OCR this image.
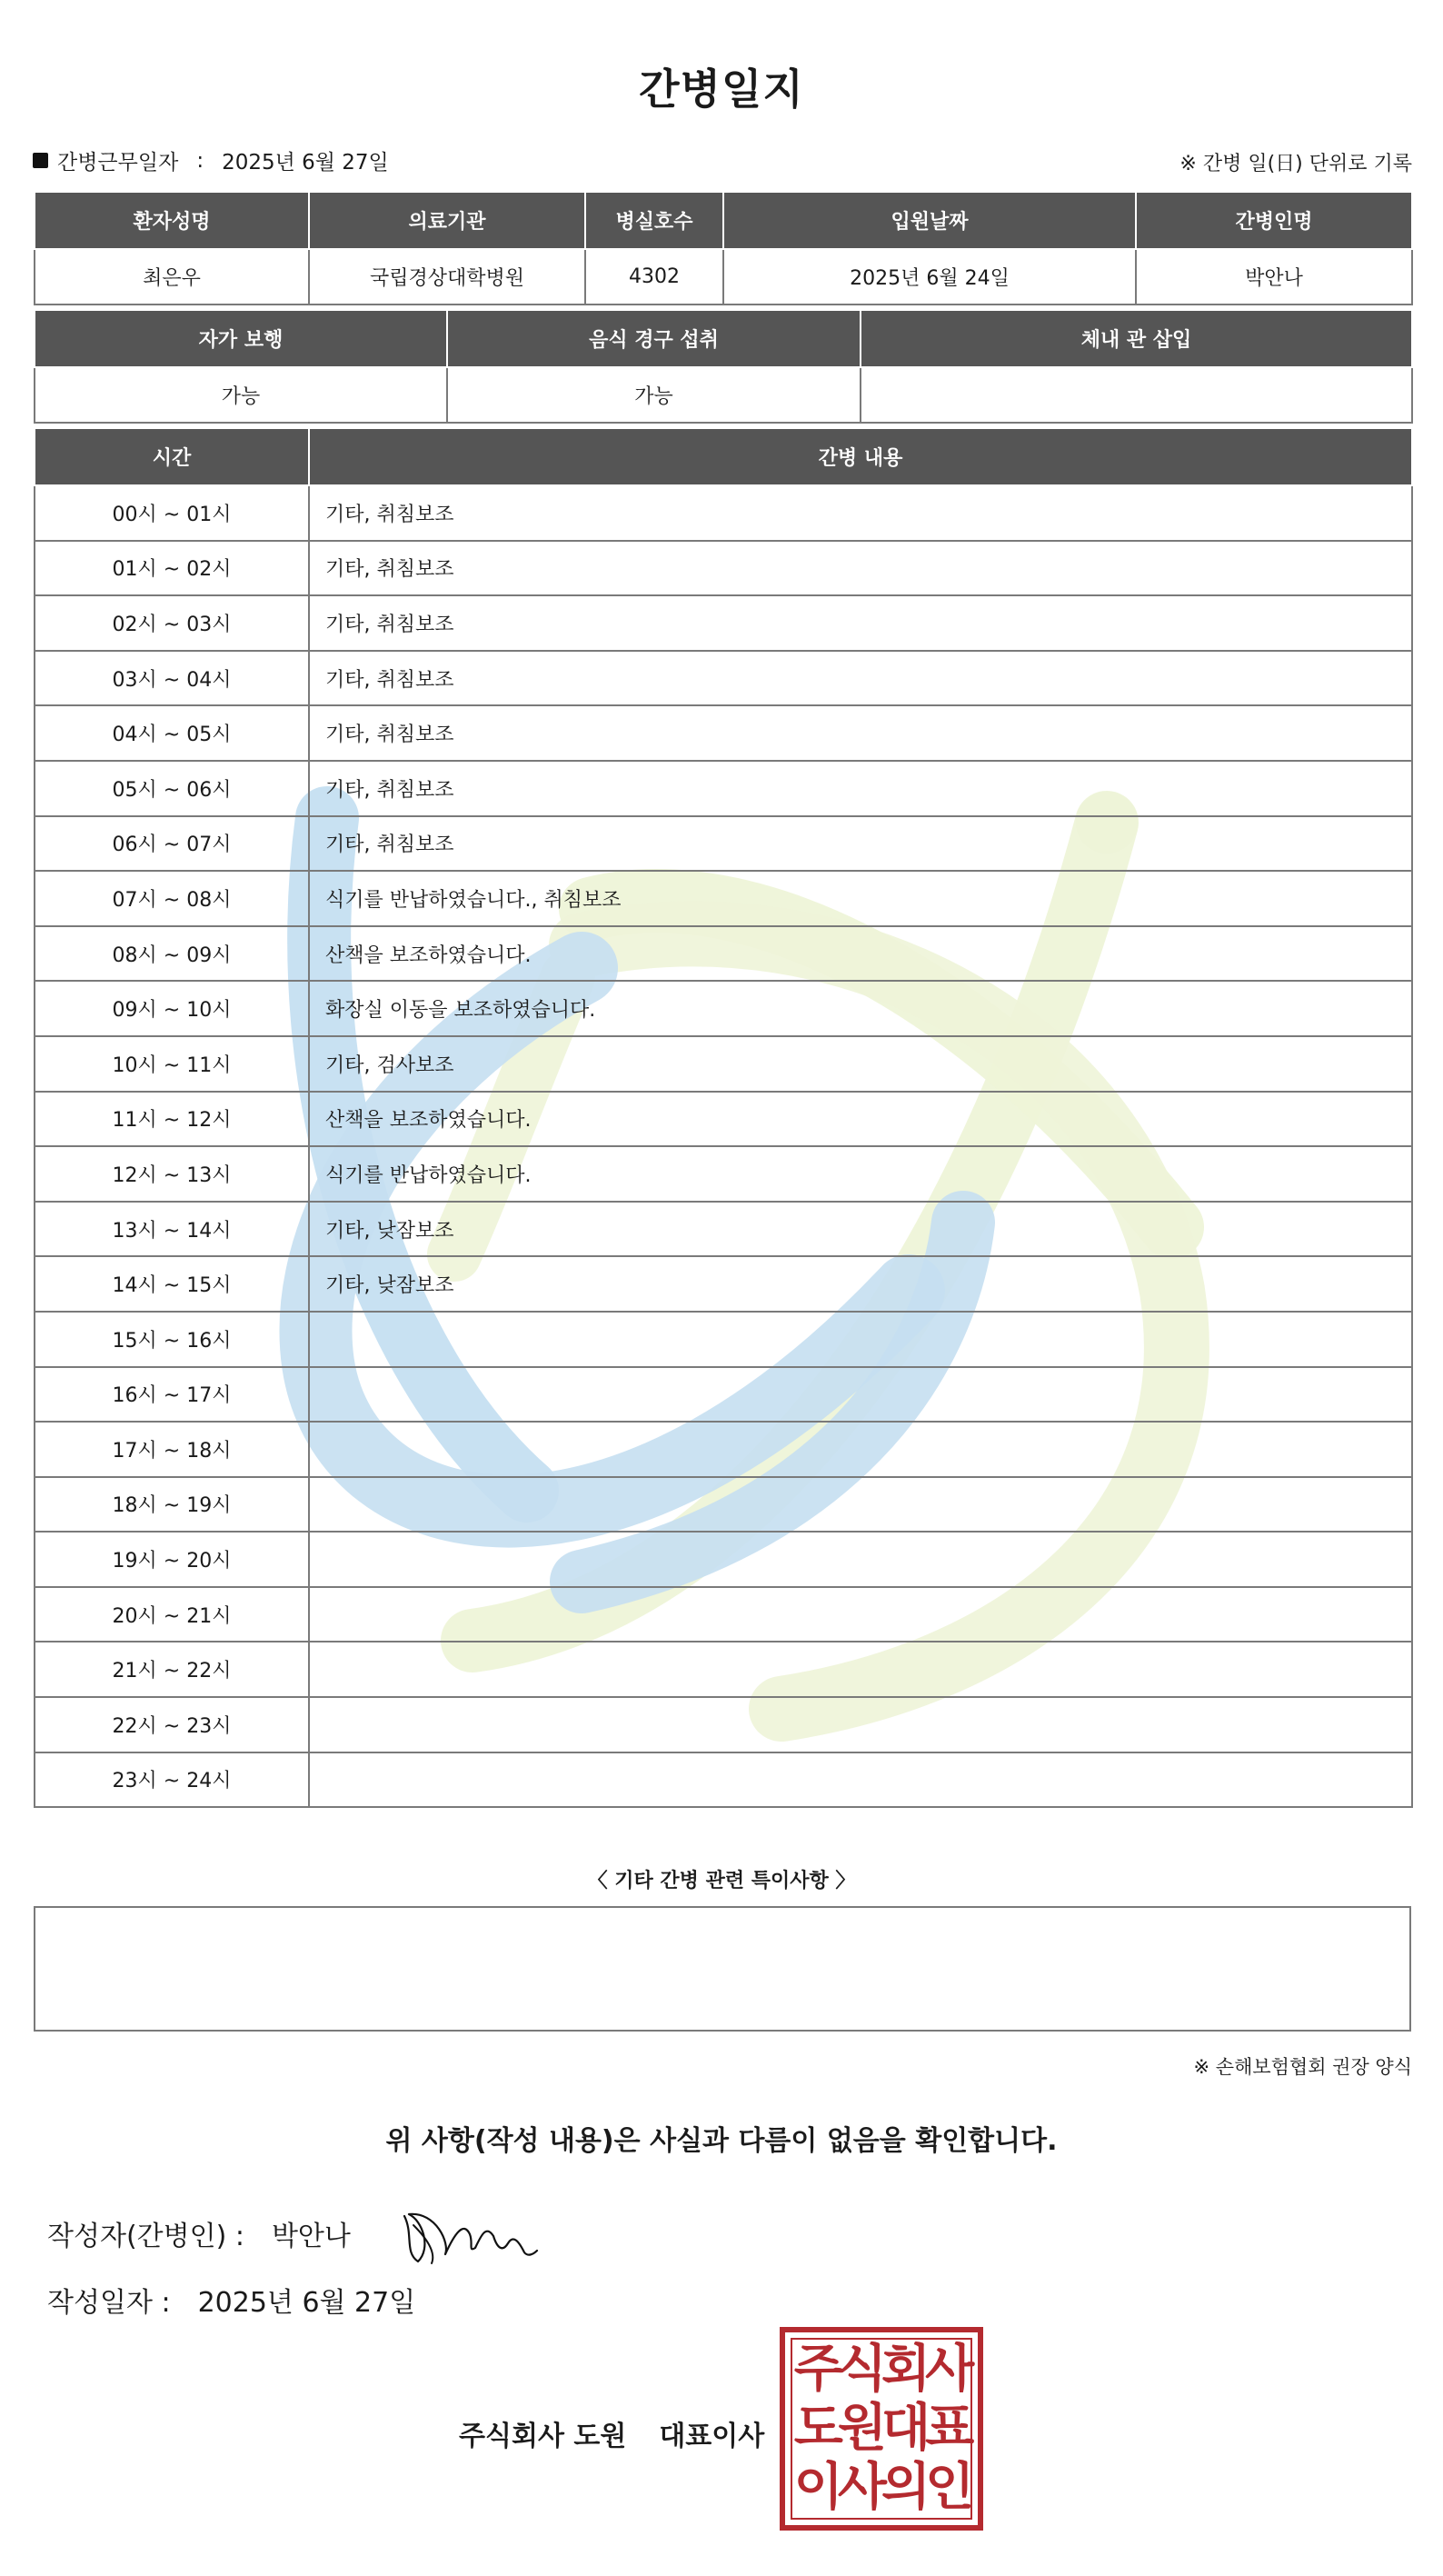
간병일지
간병근무일자 : 2025년 6월 27일	※ 간병 일(日) 단위로 기록
환자성명	의료기관	병실호수	입원날짜	간병인명
최은우	국립경상대학병원	4302	2025년 6월 24일	박안나
자가 보행	음식 경구 섭취	체내 관 삽입
가능	가능	
시간	간병 내용
00시 ~ 01시	기타, 취침보조
01시 ~ 02시	기타, 취침보조
02시 ~ 03시	기타, 취침보조
03시 ~ 04시	기타, 취침보조
04시 ~ 05시	기타, 취침보조
05시 ~ 06시	기타, 취침보조
06시 ~ 07시	기타, 취침보조
07시 ~ 08시	식기를 반납하였습니다., 취침보조
08시 ~ 09시	산책을 보조하였습니다.
09시 ~ 10시	화장실 이동을 보조하였습니다.
10시 ~ 11시	기타, 검사보조
11시 ~ 12시	산책을 보조하였습니다.
12시 ~ 13시	식기를 반납하였습니다.
13시 ~ 14시	기타, 낮잠보조
14시 ~ 15시	기타, 낮잠보조
15시 ~ 16시	
16시 ~ 17시	
17시 ~ 18시	
18시 ~ 19시	
19시 ~ 20시	
20시 ~ 21시	
21시 ~ 22시	
22시 ~ 23시	
23시 ~ 24시	
〈 기타 간병 관련 특이사항 〉
※ 손해보험협회 권장 양식
위 사항(작성 내용)은 사실과 다름이 없음을 확인합니다.
작성자(간병인) : 박안나
작성일자 : 2025년 6월 27일
주식회사 도원 대표이사
주식회사
도원대표
이사의인
